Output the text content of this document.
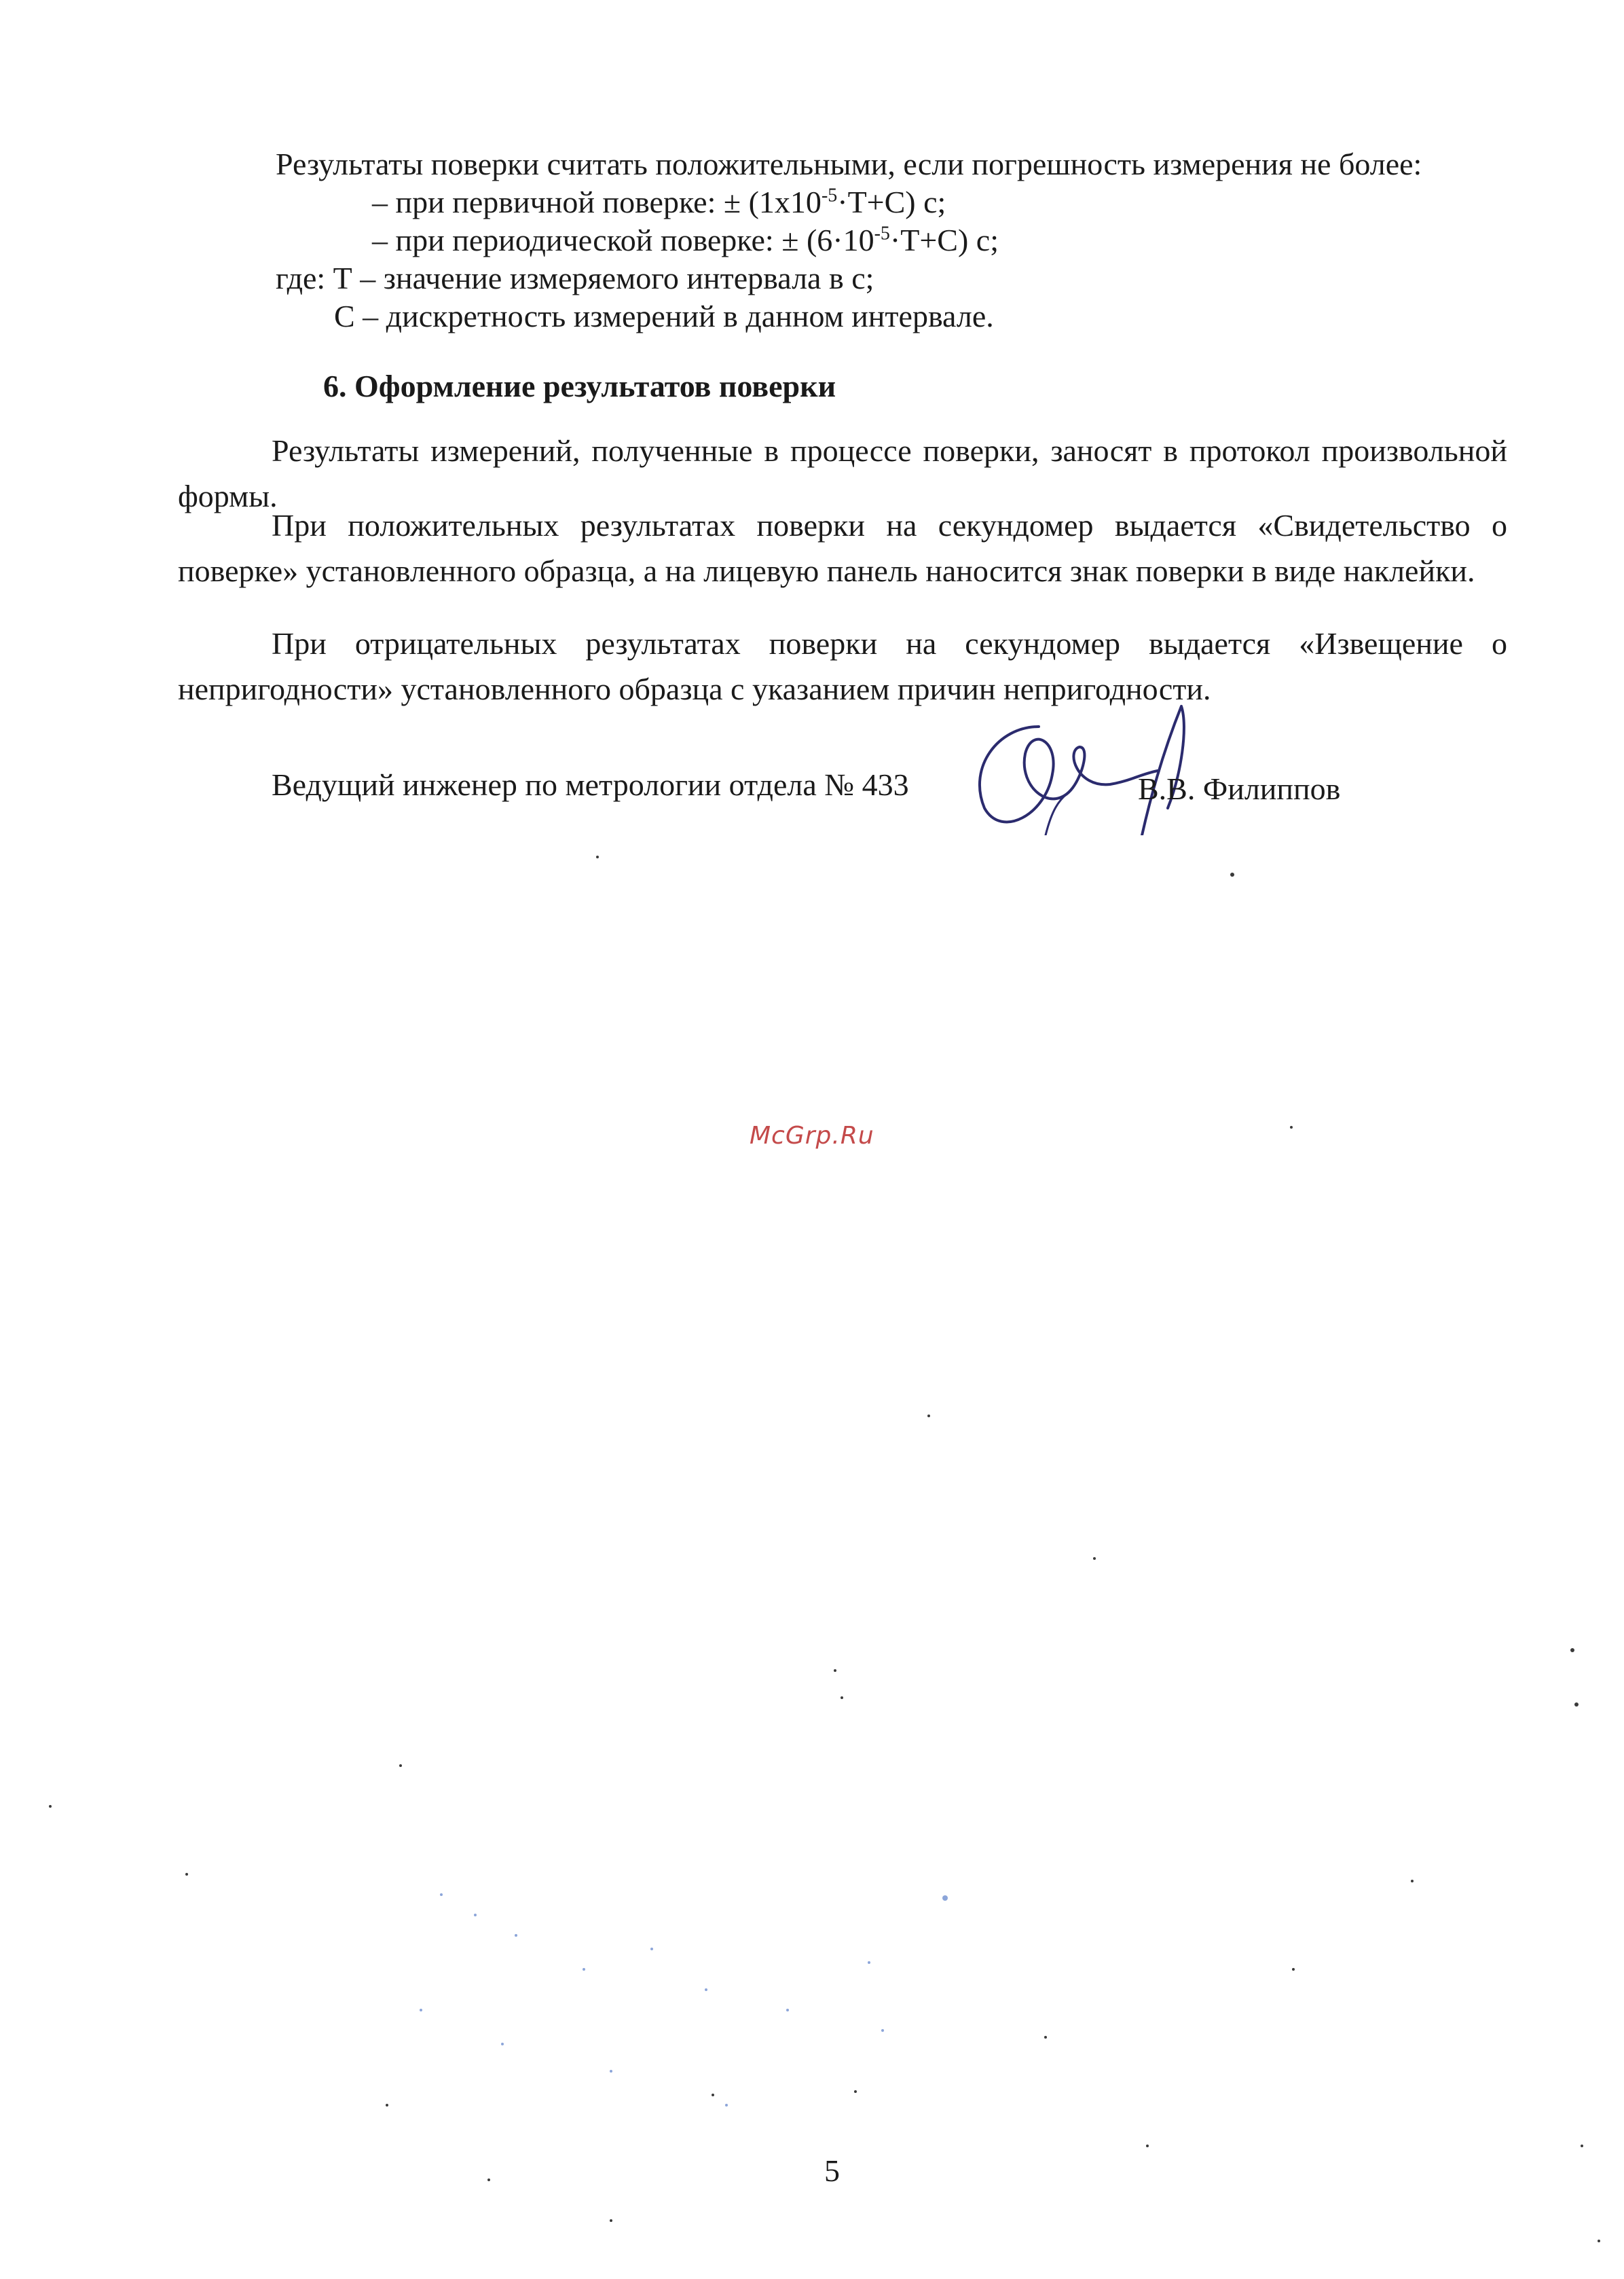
Результаты поверки считать положительными, если погрешность измерения не более:
– при первичной поверке: ± $(1x10^{-5}\cdot T+C)$ с;
– при периодической поверке: ± $(6\cdot 10^{-5}\cdot T+C)$ с;
где: Т – значение измеряемого интервала в с;
С – дискретность измерений в данном интервале.
6. Оформление результатов поверки
Результаты измерений, полученные в процессе поверки, заносят в протокол произвольной формы.
При положительных результатах поверки на секундомер выдается «Свидетельство о поверке» установленного образца, а на лицевую панель наносится знак поверки в виде наклейки.
При отрицательных результатах поверки на секундомер выдается «Извещение о непригодности» установленного образца с указанием причин непригодности.
Ведущий инженер по метрологии отдела № 433	В.В. Филиппов
McGrp.Ru
5
